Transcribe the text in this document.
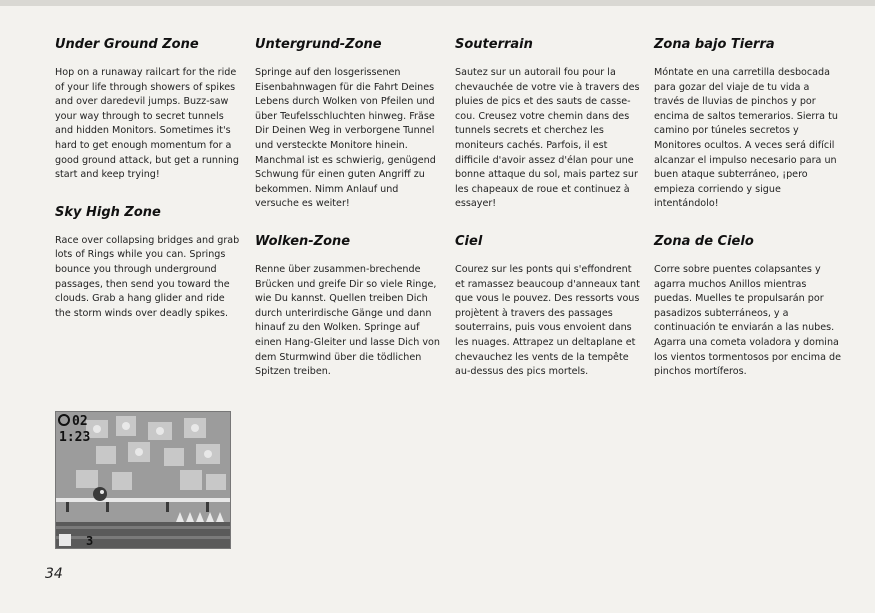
Under Ground Zone

Hop on a runaway railcart for the ride of your life through showers of spikes and over daredevil jumps. Buzz-saw your way through to secret tunnels and hidden Monitors. Sometimes it's hard to get enough momentum for a good ground attack, but get a running start and keep trying!

Sky High Zone

Race over collapsing bridges and grab lots of Rings while you can. Springs bounce you through underground passages, then send you toward the clouds. Grab a hang glider and ride the storm winds over deadly spikes.

Untergrund-Zone

Springe auf den losgerissenen Eisenbahnwagen für die Fahrt Deines Lebens durch Wolken von Pfeilen und über Teufelsschluchten hinweg. Fräse Dir Deinen Weg in verborgene Tunnel und versteckte Monitore hinein. Manchmal ist es schwierig, genügend Schwung für einen guten Angriff zu bekommen. Nimm Anlauf und versuche es weiter!

Wolken-Zone

Renne über zusammen-brechende Brücken und greife Dir so viele Ringe, wie Du kannst. Quellen treiben Dich durch unterirdische Gänge und dann hinauf zu den Wolken. Springe auf einen Hang-Gleiter und lasse Dich von dem Sturmwind über die tödlichen Spitzen treiben.

Souterrain

Sautez sur un autorail fou pour la chevauchée de votre vie à travers des pluies de pics et des sauts de casse-cou. Creusez votre chemin dans des tunnels secrets et cherchez les moniteurs cachés. Parfois, il est difficile d'avoir assez d'élan pour une bonne attaque du sol, mais partez sur les chapeaux de roue et continuez à essayer!

Ciel

Courez sur les ponts qui s'effondrent et ramassez beaucoup d'anneaux tant que vous le pouvez. Des ressorts vous projètent à travers des passages souterrains, puis vous envoient dans les nuages. Attrapez un deltaplane et chevauchez les vents de la tempête au-dessus des pics mortels.

Zona bajo Tierra

Móntate en una carretilla desbocada para gozar del viaje de tu vida a través de lluvias de pinchos y por encima de saltos temerarios. Sierra tu camino por túneles secretos y Monitores ocultos. A veces será difícil alcanzar el impulso necesario para un buen ataque subterráneo, ¡pero empieza corriendo y sigue intentándolo!

Zona de Cielo

Corre sobre puentes colapsantes y agarra muchos Anillos mientras puedas. Muelles te propulsarán por pasadizos subterráneos, y a continuación te enviarán a las nubes. Agarra una cometa voladora y domina los vientos tormentosos por encima de pinchos mortíferos.

02
1:23
3
34
